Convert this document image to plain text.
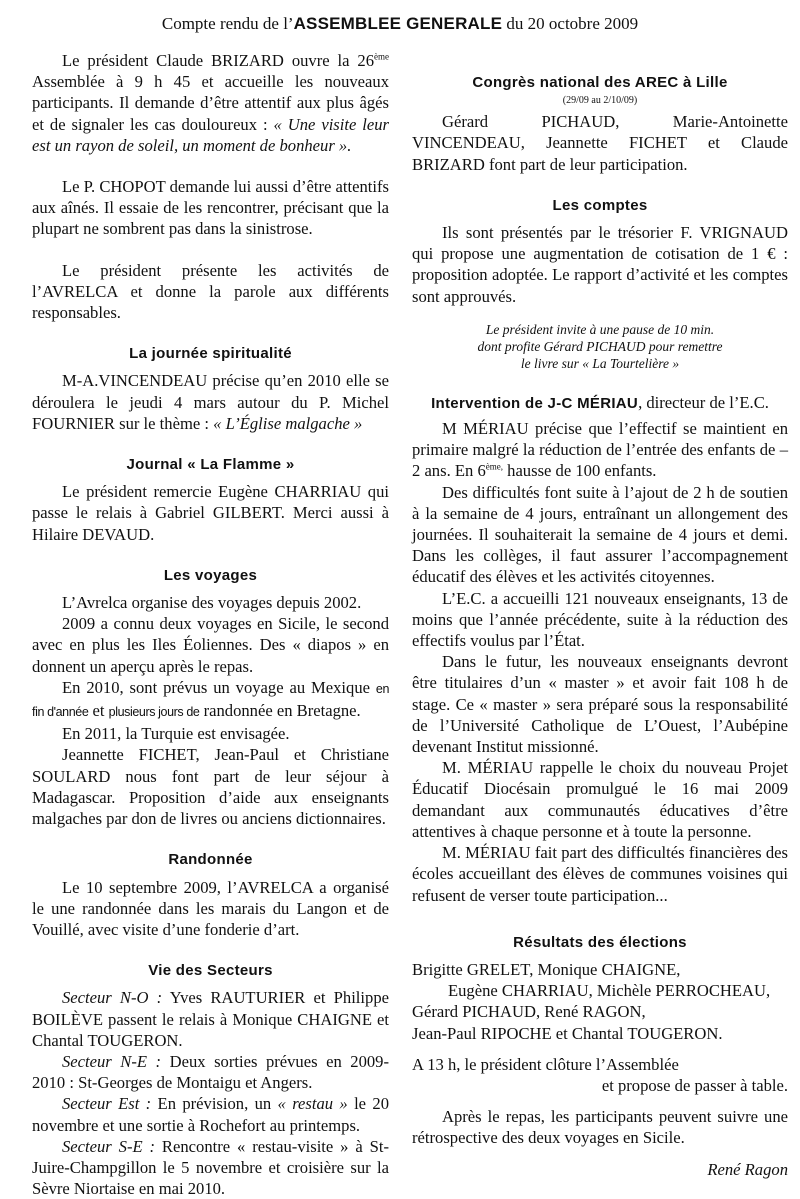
Compte rendu de l’ASSEMBLEE GENERALE du 20 octobre 2009

Le président Claude BRIZARD ouvre la 26ème Assemblée à 9 h 45 et accueille les nouveaux participants. Il demande d’être attentif aux plus âgés et de signaler les cas douloureux : « Une visite leur est un rayon de soleil, un moment de bonheur ».

Le P. CHOPOT demande lui aussi d’être attentifs aux aînés. Il essaie de les rencontrer, précisant que la plupart ne sombrent pas dans la sinistrose.

Le président présente les activités de l’AVRELCA et donne la parole aux différents responsables.

La journée spiritualité

M-A.VINCENDEAU précise qu’en 2010 elle se déroulera le jeudi 4 mars autour du P. Michel FOURNIER sur le thème : « L’Église malgache »

Journal « La Flamme »

Le président remercie Eugène CHARRIAU qui passe le relais à Gabriel GILBERT. Merci aussi à Hilaire DEVAUD.

Les voyages

L’Avrelca organise des voyages depuis 2002.

2009 a connu deux voyages en Sicile, le second avec en plus les Iles Éoliennes. Des « diapos » en donnent un aperçu après le repas.

En 2010, sont prévus un voyage au Mexique en fin d'année et plusieurs jours de randonnée en Bretagne.

En 2011, la Turquie est envisagée.

Jeannette FICHET, Jean-Paul et Christiane SOULARD nous font part de leur séjour à Madagascar. Proposition d’aide aux enseignants malgaches par don de livres ou anciens dictionnaires.

Randonnée

Le 10 septembre 2009, l’AVRELCA a organisé le une randonnée dans les marais du Langon et de Vouillé, avec visite d’une fonderie d’art.

Vie des Secteurs

Secteur N-O : Yves RAUTURIER et Philippe BOILÈVE passent le relais à Monique CHAIGNE et Chantal TOUGERON.

Secteur N-E : Deux sorties prévues en 2009-2010 : St-Georges de Montaigu et Angers.

Secteur Est : En prévision, un « restau » le 20 novembre et une sortie à Rochefort au printemps.

Secteur S-E : Rencontre « restau-visite » à St-Juire-Champgillon le 5 novembre et croisière sur la Sèvre Niortaise en mai 2010.

Congrès national des AREC à Lille

(29/09 au 2/10/09)

Gérard PICHAUD, Marie-Antoinette VINCENDEAU, Jeannette FICHET et Claude BRIZARD font part de leur participation.

Les comptes

Ils sont présentés par le trésorier F. VRIGNAUD qui propose une augmentation de cotisation de 1 € : proposition adoptée. Le rapport d’activité et les comptes sont approuvés.

Le président invite à une pause de 10 min.
dont profite Gérard PICHAUD pour remettre
le livre sur « La Tourtelière »

Intervention de J-C MÉRIAU, directeur de l’E.C.

M MÉRIAU précise que l’effectif se maintient en primaire malgré la réduction de l’entrée des enfants de – 2 ans. En $6^{ème,}$ hausse de 100 enfants.

Des difficultés font suite à l’ajout de 2 h de soutien à la semaine de 4 jours, entraînant un allongement des journées. Il souhaiterait la semaine de 4 jours et demi. Dans les collèges, il faut assurer l’accompagnement éducatif des élèves et les activités citoyennes.

L’E.C. a accueilli 121 nouveaux enseignants, 13 de moins que l’année précédente, suite à la réduction des effectifs voulus par l’État.

Dans le futur, les nouveaux enseignants devront être titulaires d’un « master » et avoir fait 108 h de stage. Ce « master » sera préparé sous la responsabilité de l’Université Catholique de L’Ouest, l’Aubépine devenant Institut missionné.

M. MÉRIAU rappelle le choix du nouveau Projet Éducatif Diocésain promulgué le 16 mai 2009 demandant aux communautés éducatives d’être attentives à chaque personne et à toute la personne.

M. MÉRIAU fait part des difficultés financières des écoles accueillant des élèves de communes voisines qui refusent de verser toute participation...

Résultats des élections

Brigitte GRELET, Monique CHAIGNE,

Eugène CHARRIAU, Michèle PERROCHEAU,

Gérard PICHAUD, René RAGON,

Jean-Paul RIPOCHE et Chantal TOUGERON.

A 13 h, le président clôture l’Assemblée

et propose de passer à table.

Après le repas, les participants peuvent suivre une rétrospective des deux voyages en Sicile.

René Ragon
